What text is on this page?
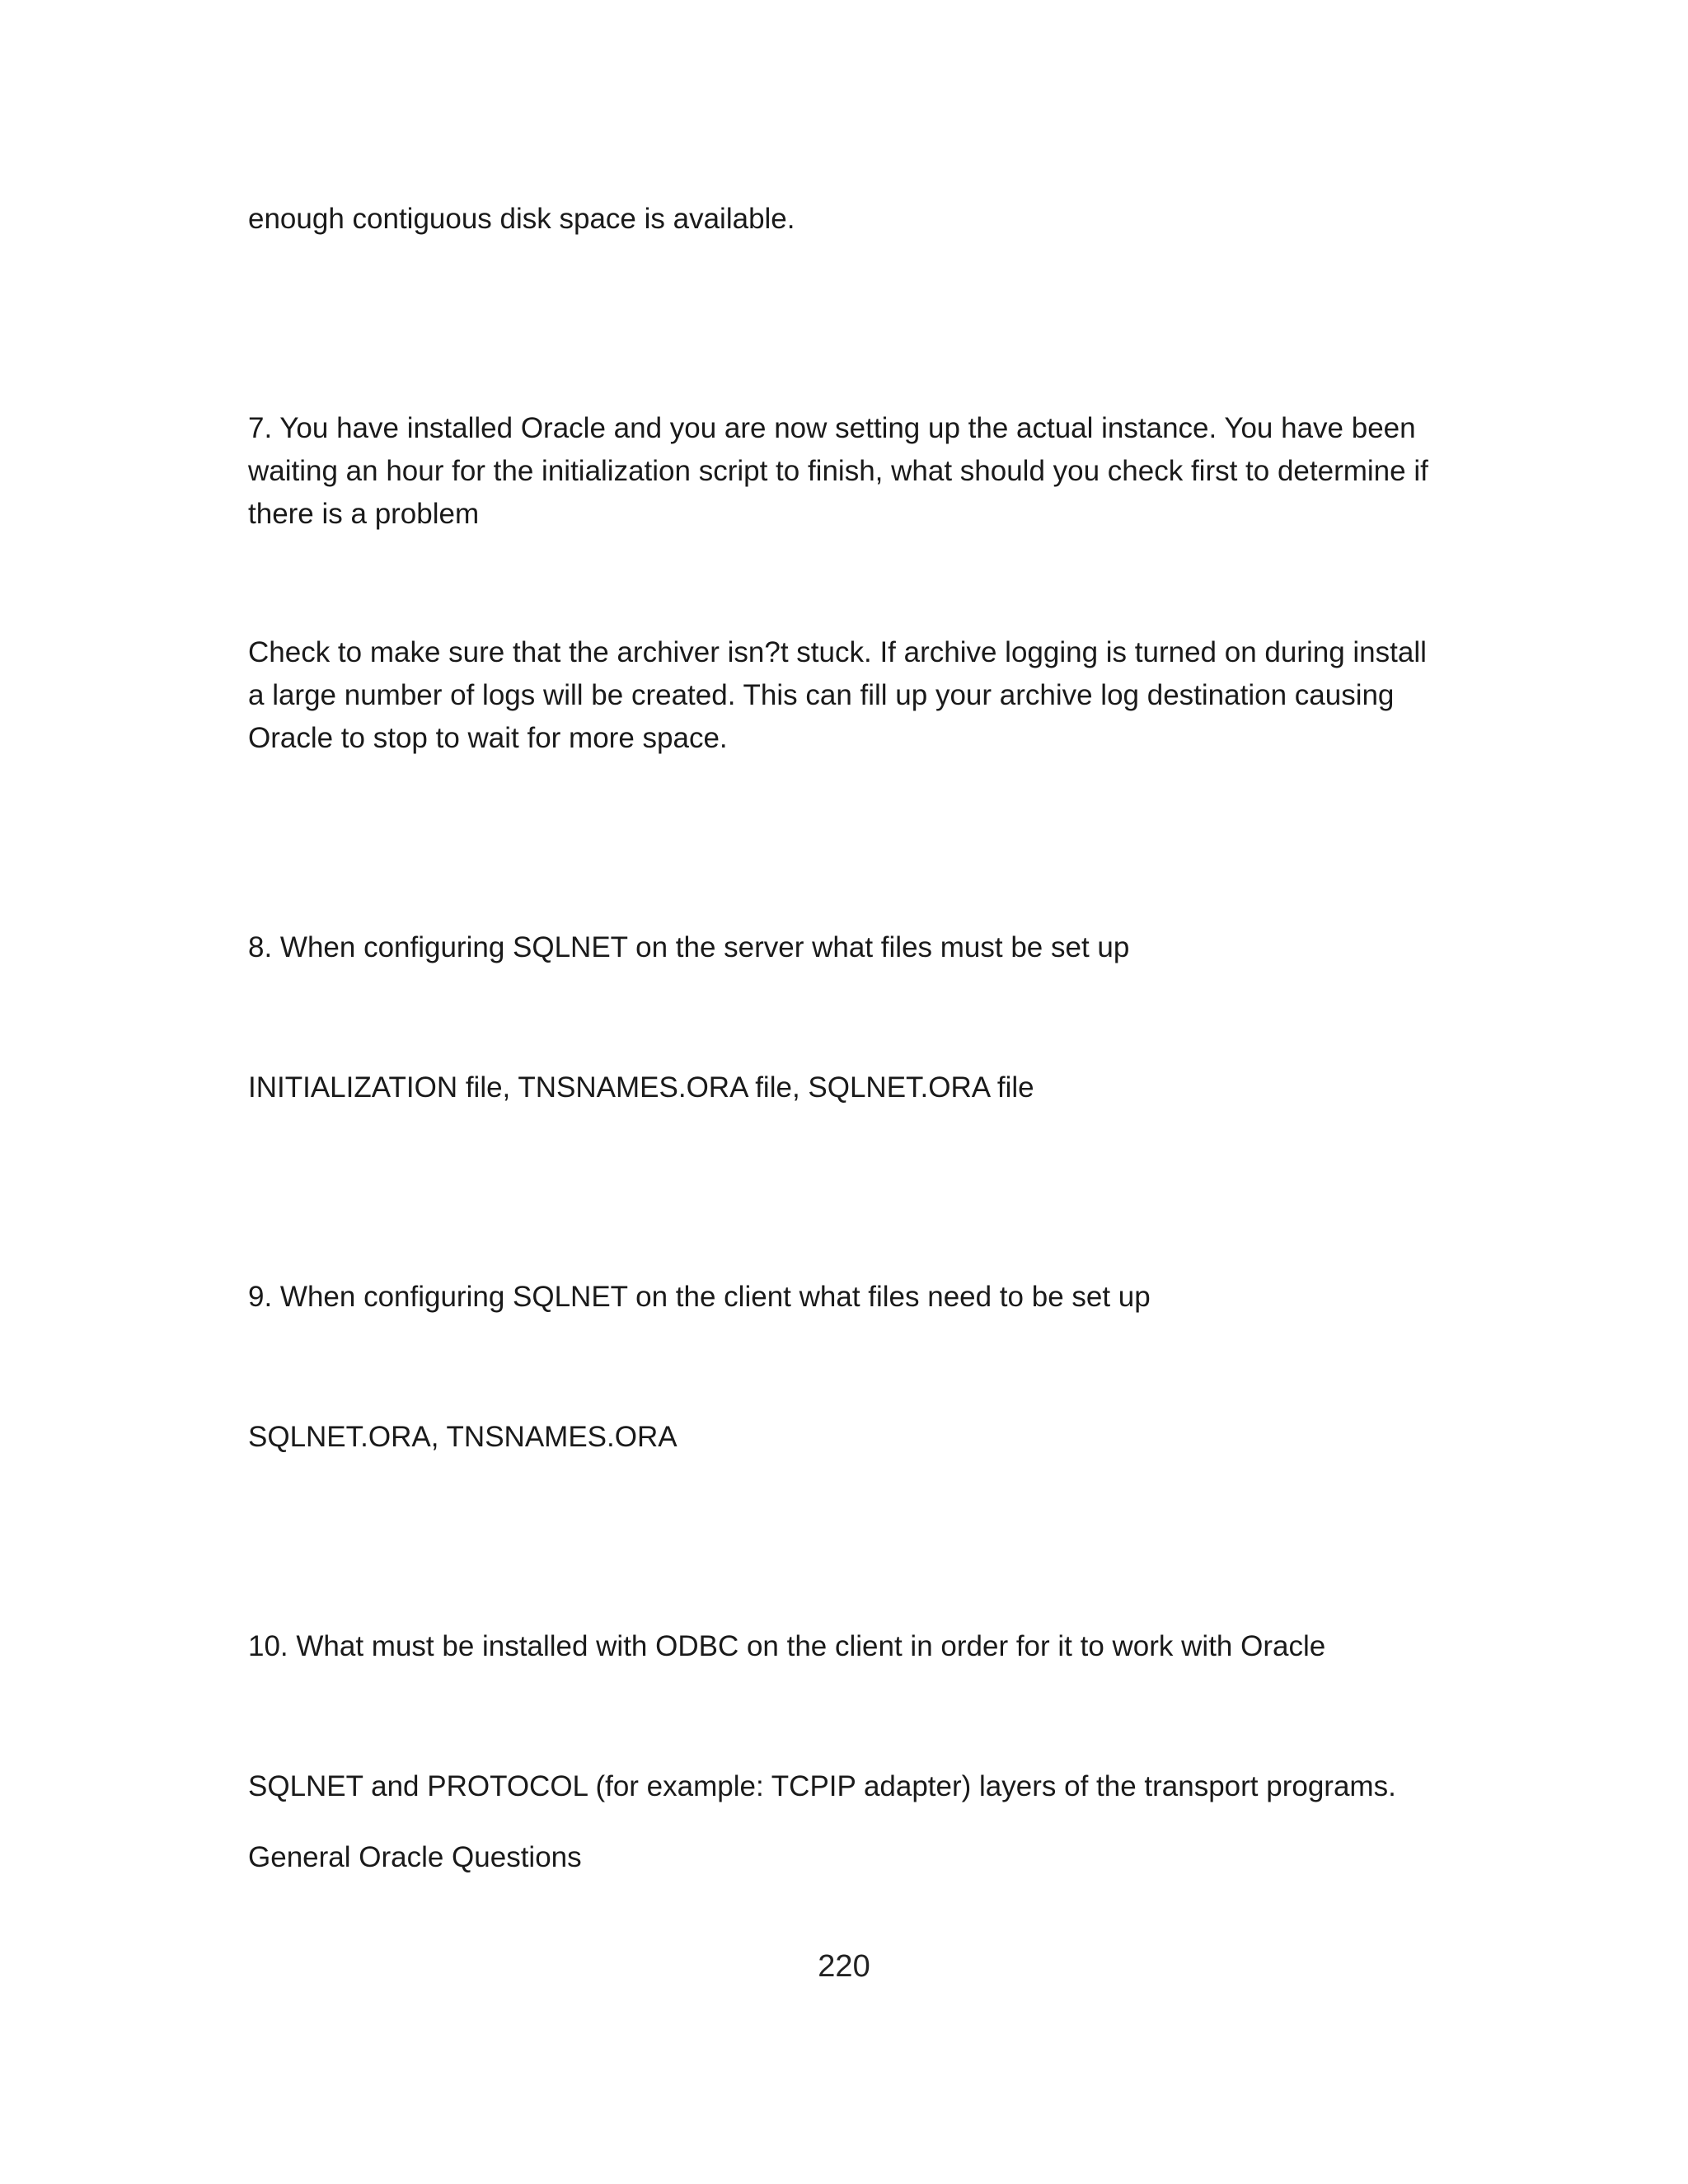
enough contiguous disk space is available.

7. You have installed Oracle and you are now setting up the actual instance. You have been waiting an hour for the initialization script to finish, what should you check first to determine if there is a problem

Check to make sure that the archiver isn?t stuck. If archive logging is turned on during install a large number of logs will be created. This can fill up your archive log destination causing Oracle to stop to wait for more space.

8. When configuring SQLNET on the server what files must be set up

INITIALIZATION file, TNSNAMES.ORA file, SQLNET.ORA file

9. When configuring SQLNET on the client what files need to be set up

SQLNET.ORA, TNSNAMES.ORA

10. What must be installed with ODBC on the client in order for it to work with Oracle

SQLNET and PROTOCOL (for example: TCPIP adapter) layers of the transport programs.

General Oracle Questions

220
